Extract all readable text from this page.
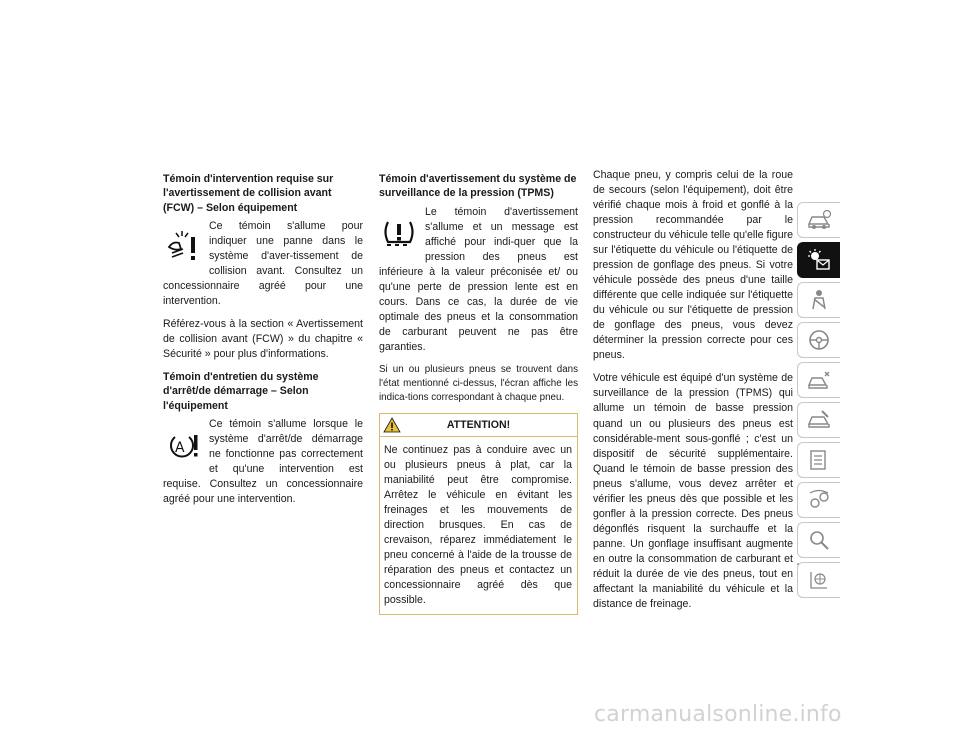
Témoin d'intervention requise sur l'avertissement de collision avant (FCW) – Selon équipement

Ce témoin s'allume pour indiquer une panne dans le système d'aver-tissement de collision avant. Consultez un concessionnaire agréé pour une intervention.

Référez-vous à la section « Avertissement de collision avant (FCW) » du chapitre « Sécurité » pour plus d'informations.

Témoin d'entretien du système d'arrêt/de démarrage – Selon l'équipement
A

Ce témoin s'allume lorsque le système d'arrêt/de démarrage ne fonctionne pas correctement et qu'une intervention est requise. Consultez un concessionnaire agréé pour une intervention.

Témoin d'avertissement du système de surveillance de la pression (TPMS)

Le témoin d'avertissement s'allume et un message est affiché pour indi-quer que la pression des pneus est inférieure à la valeur préconisée et/ ou qu'une perte de pression lente est en cours. Dans ce cas, la durée de vie optimale des pneus et la consommation de carburant peuvent ne pas être garanties.

Si un ou plusieurs pneus se trouvent dans l'état mentionné ci-dessus, l'écran affiche les indica-tions correspondant à chaque pneu.

ATTENTION!
Ne continuez pas à conduire avec un ou plusieurs pneus à plat, car la maniabilité peut être compromise. Arrêtez le véhicule en évitant les freinages et les mouvements de direction brusques. En cas de crevaison, réparez immédiatement le pneu concerné à l'aide de la trousse de réparation des pneus et contactez un concessionnaire agréé dès que possible.

Chaque pneu, y compris celui de la roue de secours (selon l'équipement), doit être vérifié chaque mois à froid et gonflé à la pression recommandée par le constructeur du véhicule telle qu'elle figure sur l'étiquette du véhicule ou l'étiquette de pression de gonflage des pneus. Si votre véhicule possède des pneus d'une taille différente que celle indiquée sur l'étiquette du véhicule ou sur l'étiquette de pression de gonflage des pneus, vous devez déterminer la pression correcte pour ces pneus.

Votre véhicule est équipé d'un système de surveillance de la pression (TPMS) qui allume un témoin de basse pression quand un ou plusieurs des pneus est considérable-ment sous-gonflé ; c'est un dispositif de sécurité supplémentaire. Quand le témoin de basse pression des pneus s'allume, vous devez arrêter et vérifier les pneus dès que possible et les gonfler à la pression correcte. Des pneus dégonflés risquent la surchauffe et la panne. Un gonflage insuffisant augmente en outre la consommation de carburant et réduit la durée de vie des pneus, tout en affectant la maniabilité du véhicule et la distance de freinage.

carmanualsonline.info
